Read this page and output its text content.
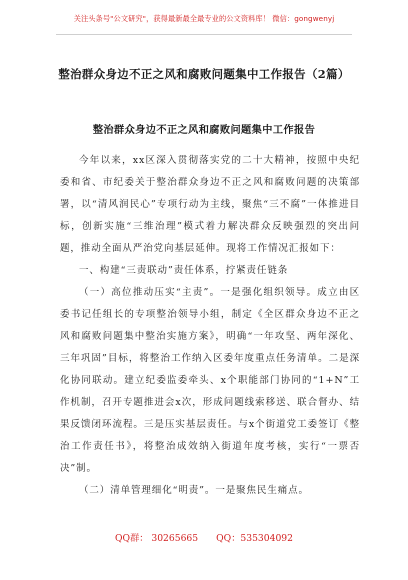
关注头条号"公文研究"，获得最新最全最专业的公文资料库！ 微信：gongwenyj
整治群众身边不正之风和腐败问题集中工作报告（2篇）
整治群众身边不正之风和腐败问题集中工作报告

今年以来，xx区深入贯彻落实党的二十大精神，按照中央纪委和省、市纪委关于整治群众身边不正之风和腐败问题的决策部署，以“清风润民心”专项行动为主线，聚焦“三不腐”一体推进目标，创新实施“三维治理”模式着力解决群众反映强烈的突出问题，推动全面从严治党向基层延伸。现将工作情况汇报如下：

一、构建“三责联动”责任体系，拧紧责任链条

（一）高位推动压实“主责”。一是强化组织领导。成立由区委书记任组长的专项整治领导小组，制定《全区群众身边不正之风和腐败问题集中整治实施方案》，明确“一年攻坚、两年深化、三年巩固”目标，将整治工作纳入区委年度重点任务清单。二是深化协同联动。建立纪委监委牵头、x个职能部门协同的“1+N”工作机制，召开专题推进会x次，形成问题线索移送、联合督办、结果反馈闭环流程。三是压实基层责任。与x个街道党工委签订《整治工作责任书》，将整治成效纳入街道年度考核，实行“一票否决”制。

（二）清单管理细化“明责”。一是聚焦民生痛点。

QQ群： 30265665 QQ：535304092
